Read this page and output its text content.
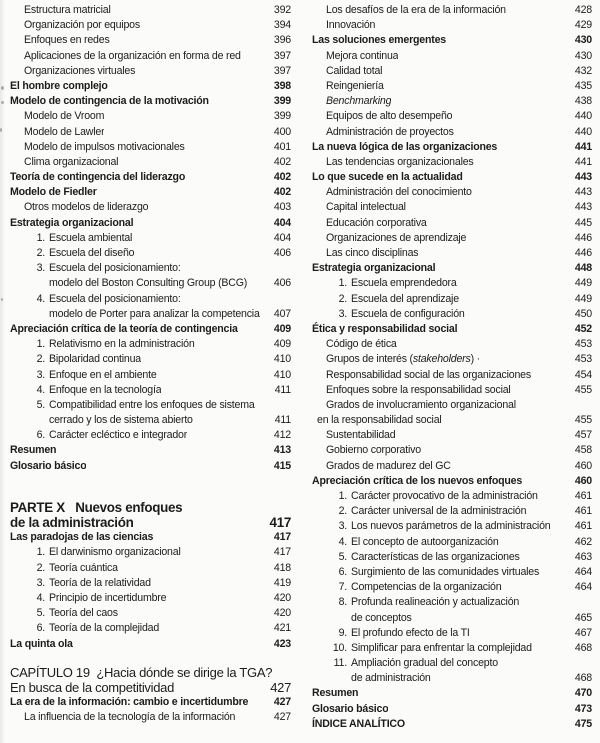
Estructura matricial	392
Organización por equipos	394
Enfoques en redes	396
Aplicaciones de la organización en forma de red	397
Organizaciones virtuales	397
El hombre complejo	398
Modelo de contingencia de la motivación	399
Modelo de Vroom	399
Modelo de Lawler	400
Modelo de impulsos motivacionales	401
Clima organizacional	402
Teoría de contingencia del liderazgo	402
Modelo de Fiedler	402
Otros modelos de liderazgo	403
Estrategia organizacional	404
1. Escuela ambiental	404
2. Escuela del diseño	406
3. Escuela del posicionamiento:
modelo del Boston Consulting Group (BCG)	406
4. Escuela del posicionamiento:
modelo de Porter para analizar la competencia	407
Apreciación crítica de la teoría de contingencia	409
1. Relativismo en la administración	409
2. Bipolaridad continua	410
3. Enfoque en el ambiente	410
4. Enfoque en la tecnología	411
5. Compatibilidad entre los enfoques de sistema
cerrado y los de sistema abierto	411
6. Carácter ecléctico e integrador	412
Resumen	413
Glosario básico	415
PARTE X   Nuevos enfoques
de la administración	417
Las paradojas de las ciencias	417
1. El darwinismo organizacional	417
2. Teoría cuántica	418
3. Teoría de la relatividad	419
4. Principio de incertidumbre	420
5. Teoría del caos	420
6. Teoría de la complejidad	421
La quinta ola	423
CAPÍTULO 19  ¿Hacia dónde se dirige la TGA?
En busca de la competitividad	427
La era de la información: cambio e incertidumbre	427
La influencia de la tecnología de la información	427
Los desafíos de la era de la información	428
Innovación	429
Las soluciones emergentes	430
Mejora continua	430
Calidad total	432
Reingeniería	435
Benchmarking	438
Equipos de alto desempeño	440
Administración de proyectos	440
La nueva lógica de las organizaciones	441
Las tendencias organizacionales	441
Lo que sucede en la actualidad	443
Administración del conocimiento	443
Capital intelectual	443
Educación corporativa	445
Organizaciones de aprendizaje	446
Las cinco disciplinas	446
Estrategia organizacional	448
1. Escuela emprendedora	449
2. Escuela del aprendizaje	449
3. Escuela de configuración	450
Ética y responsabilidad social	452
Código de ética	453
Grupos de interés (stakeholders) ·	453
Responsabilidad social de las organizaciones	454
Enfoques sobre la responsabilidad social	455
Grados de involucramiento organizacional
en la responsabilidad social	455
Sustentabilidad	457
Gobierno corporativo	458
Grados de madurez del GC	460
Apreciación crítica de los nuevos enfoques	460
1. Carácter provocativo de la administración	461
2. Carácter universal de la administración	461
3. Los nuevos parámetros de la administración	461
4. El concepto de autoorganización	462
5. Características de las organizaciones	463
6. Surgimiento de las comunidades virtuales	464
7. Competencias de la organización	464
8. Profunda realineación y actualización
de conceptos	465
9. El profundo efecto de la TI	467
10. Simplificar para enfrentar la complejidad	468
11. Ampliación gradual del concepto
de administración	468
Resumen	470
Glosario básico	473
ÍNDICE ANALÍTICO	475
